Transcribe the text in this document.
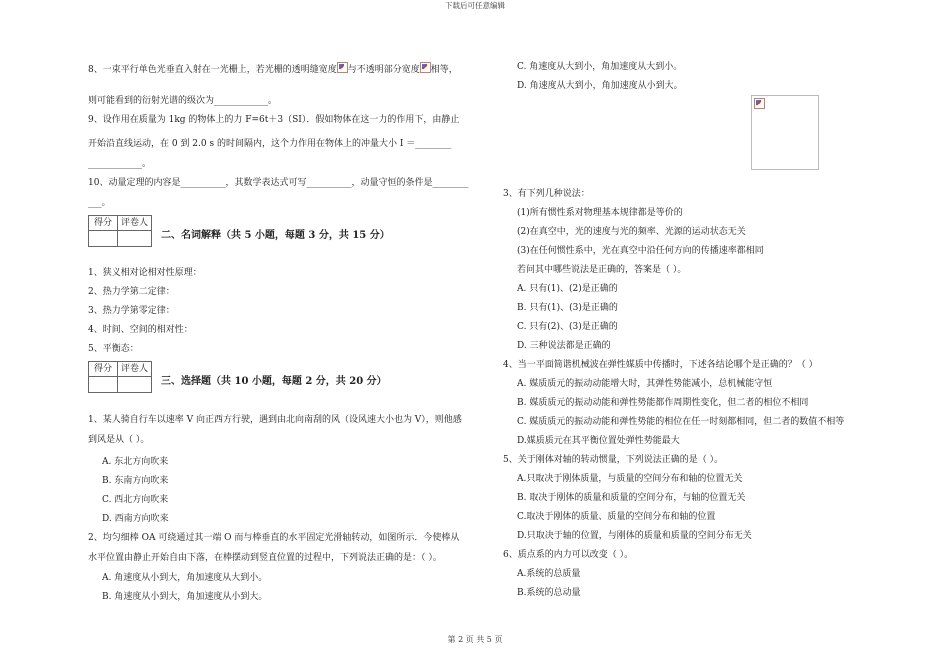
下载后可任意编辑
8、一束平行单色光垂直入射在一光栅上，若光栅的透明缝宽度 与不透明部分宽度 相等，
则可能看到的衍射光谱的级次为____________。
9、设作用在质量为 1kg 的物体上的力 F=6t＋3（SI）．假如物体在这一力的作用下，由静止
开始沿直线运动，在 0 到 2.0 s 的时间隔内，这个力作用在物体上的冲量大小 I ＝________
____________。
10、动量定理的内容是__________，其数学表达式可写__________，动量守恒的条件是________
___。
得分 评卷人
二、名词解释（共 5 小题，每题 3 分，共 15 分）
1、狭义相对论相对性原理：
2、热力学第二定律：
3、热力学第零定律：
4、时间、空间的相对性：
5、平衡态：
得分 评卷人
三、选择题（共 10 小题，每题 2 分，共 20 分）
1、某人骑自行车以速率 V 向正西方行驶，遇到由北向南刮的风（设风速大小也为 V），则他感
到风是从（ ）。
A. 东北方向吹来
B. 东南方向吹来
C. 西北方向吹来
D. 西南方向吹来
2、均匀细棒 OA 可绕通过其一端 O 而与棒垂直的水平固定光滑轴转动，如图所示．今使棒从
水平位置由静止开始自由下落，在棒摆动到竖直位置的过程中，下列说法正确的是：（ ）。
A. 角速度从小到大，角加速度从大到小。
B. 角速度从小到大，角加速度从小到大。
C. 角速度从大到小，角加速度从大到小。
D. 角速度从大到小，角加速度从小到大。
3、有下列几种说法：
(1)所有惯性系对物理基本规律都是等价的
(2)在真空中，光的速度与光的频率、光源的运动状态无关
(3)在任何惯性系中，光在真空中沿任何方向的传播速率都相同
若问其中哪些说法是正确的，答案是（ ）。
A. 只有(1)、(2)是正确的
B. 只有(1)、(3)是正确的
C. 只有(2)、(3)是正确的
D. 三种说法都是正确的
4、当一平面简谐机械波在弹性媒质中传播时，下述各结论哪个是正确的？（ ）
A. 媒质质元的振动动能增大时，其弹性势能减小，总机械能守恒
B. 媒质质元的振动动能和弹性势能都作周期性变化，但二者的相位不相同
C. 媒质质元的振动动能和弹性势能的相位在任一时刻都相同，但二者的数值不相等
D.媒质质元在其平衡位置处弹性势能最大
5、关于刚体对轴的转动惯量，下列说法正确的是（ ）。
A.只取决于刚体质量，与质量的空间分布和轴的位置无关
B. 取决于刚体的质量和质量的空间分布，与轴的位置无关
C.取决于刚体的质量、质量的空间分布和轴的位置
D.只取决于轴的位置，与刚体的质量和质量的空间分布无关
6、质点系的内力可以改变（ ）。
A.系统的总质量
B.系统的总动量
第 2 页 共 5 页
